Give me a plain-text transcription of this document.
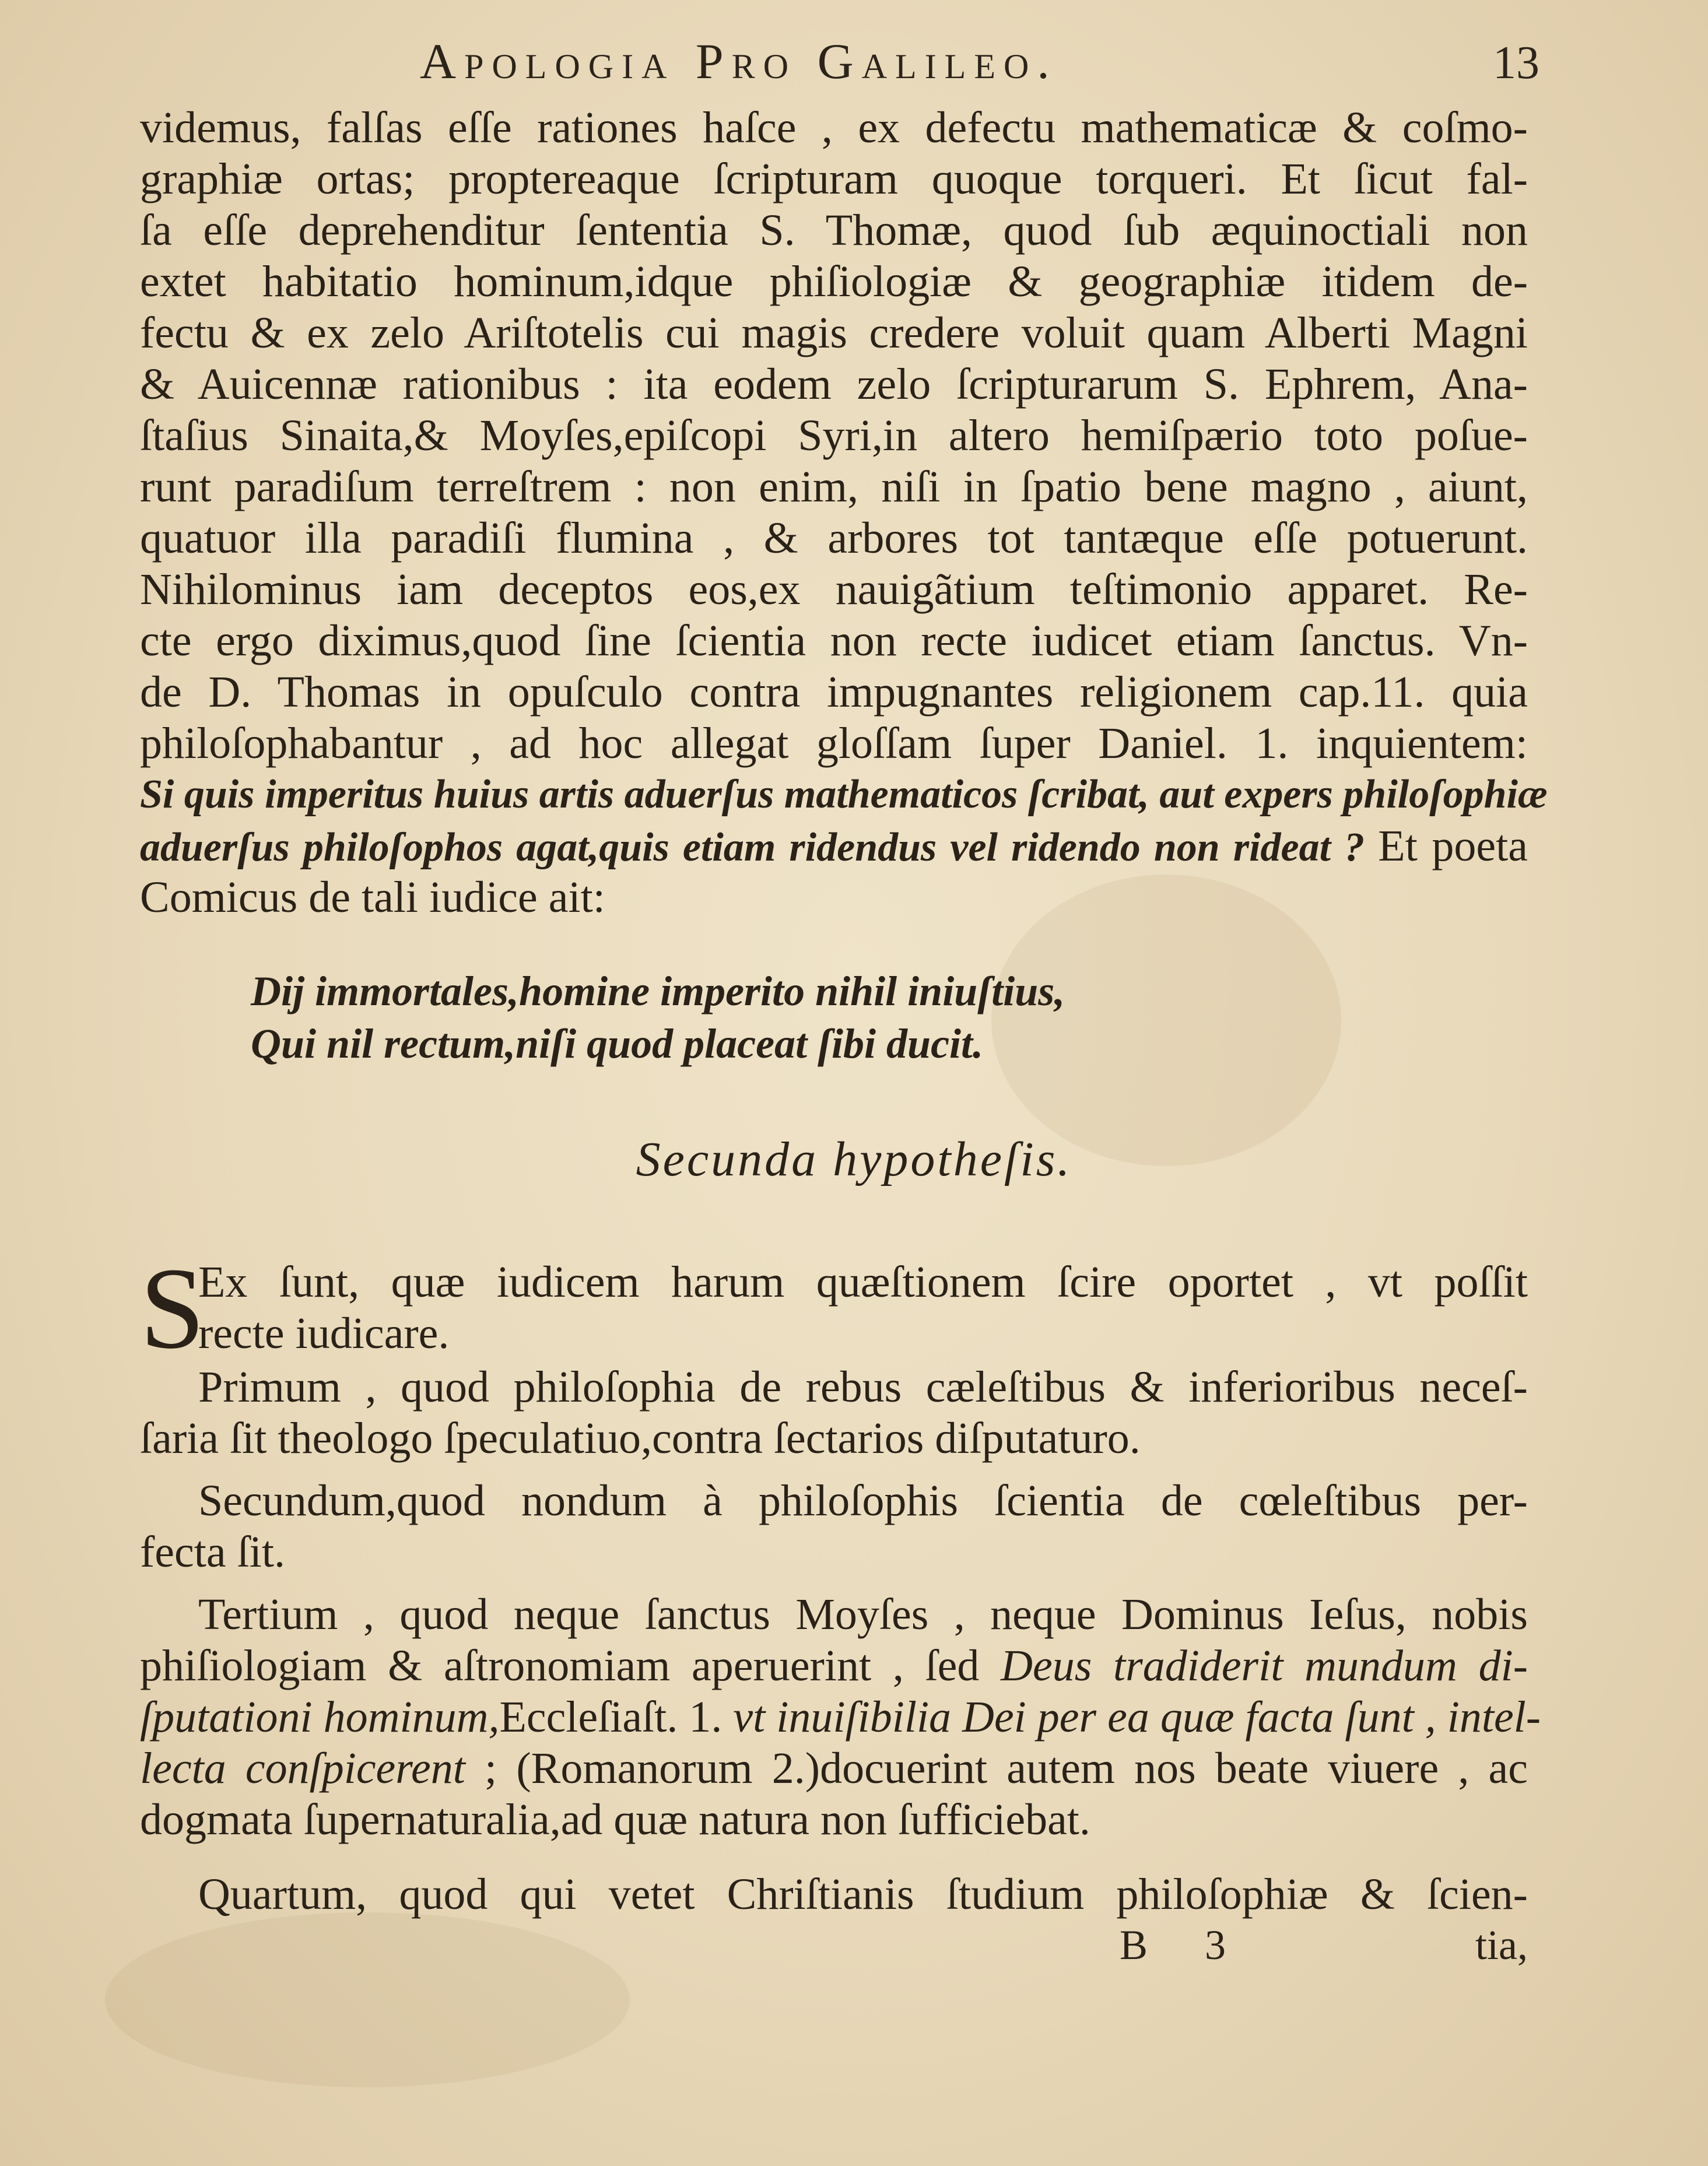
Apologia Pro Galileo.	13
videmus, falſas eſſe rationes haſce , ex defectu mathematicæ & coſmo-
graphiæ ortas; proptereaque ſcripturam quoque torqueri. Et ſicut fal-
ſa eſſe deprehenditur ſententia S. Thomæ, quod ſub æquinoctiali non
extet habitatio hominum,idque phiſiologiæ & geographiæ itidem de-
fectu & ex zelo Ariſtotelis cui magis credere voluit quam Alberti Magni
& Auicennæ rationibus : ita eodem zelo ſcripturarum S. Ephrem, Ana-
ſtaſius Sinaita,& Moyſes,epiſcopi Syri,in altero hemiſpærio toto poſue-
runt paradiſum terreſtrem : non enim, niſi in ſpatio bene magno , aiunt,
quatuor illa paradiſi flumina , & arbores tot tantæque eſſe potuerunt.
Nihilominus iam deceptos eos,ex nauigãtium teſtimonio apparet. Re-
cte ergo diximus,quod ſine ſcientia non recte iudicet etiam ſanctus. Vn-
de D. Thomas in opuſculo contra impugnantes religionem cap.11. quia
philoſophabantur , ad hoc allegat gloſſam ſuper Daniel. 1. inquientem:
Si quis imperitus huius artis aduerſus mathematicos ſcribat, aut expers philoſophiæ
aduerſus philoſophos agat,quis etiam ridendus vel ridendo non rideat ? Et poeta
Comicus de tali iudice ait:
Dij immortales,homine imperito nihil iniuſtius,
Qui nil rectum,niſi quod placeat ſibi ducit.
Secunda hypotheſis.
S
Ex ſunt, quæ iudicem harum quæſtionem ſcire oportet , vt poſſit
recte iudicare.
Primum , quod philoſophia de rebus cæleſtibus & inferioribus neceſ-
ſaria ſit theologo ſpeculatiuo,contra ſectarios diſputaturo.
Secundum,quod nondum à philoſophis ſcientia de cœleſtibus per-
fecta ſit.
Tertium , quod neque ſanctus Moyſes , neque Dominus Ieſus, nobis
phiſiologiam & aſtronomiam aperuerint , ſed Deus tradiderit mundum di-
ſputationi hominum,Eccleſiaſt. 1. vt inuiſibilia Dei per ea quæ facta ſunt , intel-
lecta conſpicerent ; (Romanorum 2.)docuerint autem nos beate viuere , ac
dogmata ſupernaturalia,ad quæ natura non ſufficiebat.
Quartum, quod qui vetet Chriſtianis ſtudium philoſophiæ & ſcien-
B 3	tia,
